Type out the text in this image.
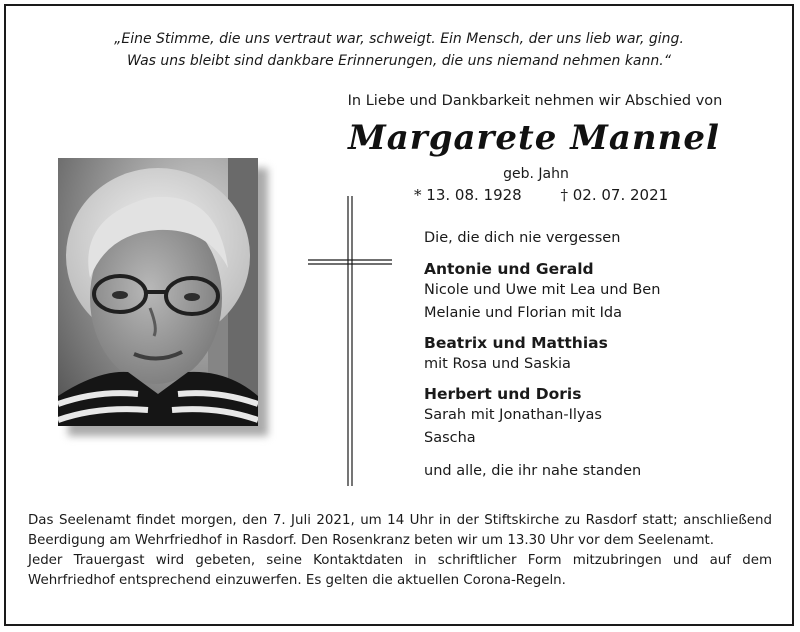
„Eine Stimme, die uns vertraut war, schweigt. Ein Mensch, der uns lieb war, ging.
Was uns bleibt sind dankbare Erinnerungen, die uns niemand nehmen kann.“
In Liebe und Dankbarkeit nehmen wir Abschied von
Margarete Mannel
geb. Jahn
* 13. 08. 1928	† 02. 07. 2021
Die, die dich nie vergessen
Antonie und Gerald
Nicole und Uwe mit Lea und Ben
Melanie und Florian mit Ida
Beatrix und Matthias
mit Rosa und Saskia
Herbert und Doris
Sarah mit Jonathan-Ilyas
Sascha
und alle, die ihr nahe standen

Das Seelenamt findet morgen, den 7. Juli 2021, um 14 Uhr in der Stiftskirche zu Rasdorf statt; anschließend Beerdigung am Wehrfriedhof in Rasdorf. Den Rosenkranz beten wir um 13.30 Uhr vor dem Seelenamt.

Jeder Trauergast wird gebeten, seine Kontaktdaten in schriftlicher Form mitzubringen und auf dem Wehrfriedhof entsprechend einzuwerfen. Es gelten die aktuellen Corona-Regeln.
